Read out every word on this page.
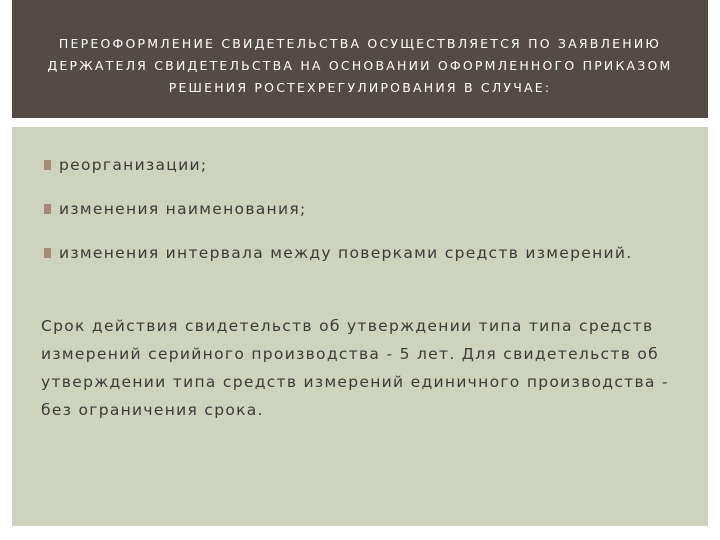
ПЕРЕОФОРМЛЕНИЕ СВИДЕТЕЛЬСТВА ОСУЩЕСТВЛЯЕТСЯ ПО ЗАЯВЛЕНИЮ ДЕРЖАТЕЛЯ СВИДЕТЕЛЬСТВА НА ОСНОВАНИИ ОФОРМЛЕННОГО ПРИКАЗОМ РЕШЕНИЯ РОСТЕХРЕГУЛИРОВАНИЯ В СЛУЧАЕ:
реорганизации;
изменения наименования;
изменения интервала между поверками средств измерений.

Срок действия свидетельств об утверждении типа типа средств измерений серийного производства - 5 лет. Для свидетельств об утверждении типа средств измерений единичного производства - без ограничения срока.
